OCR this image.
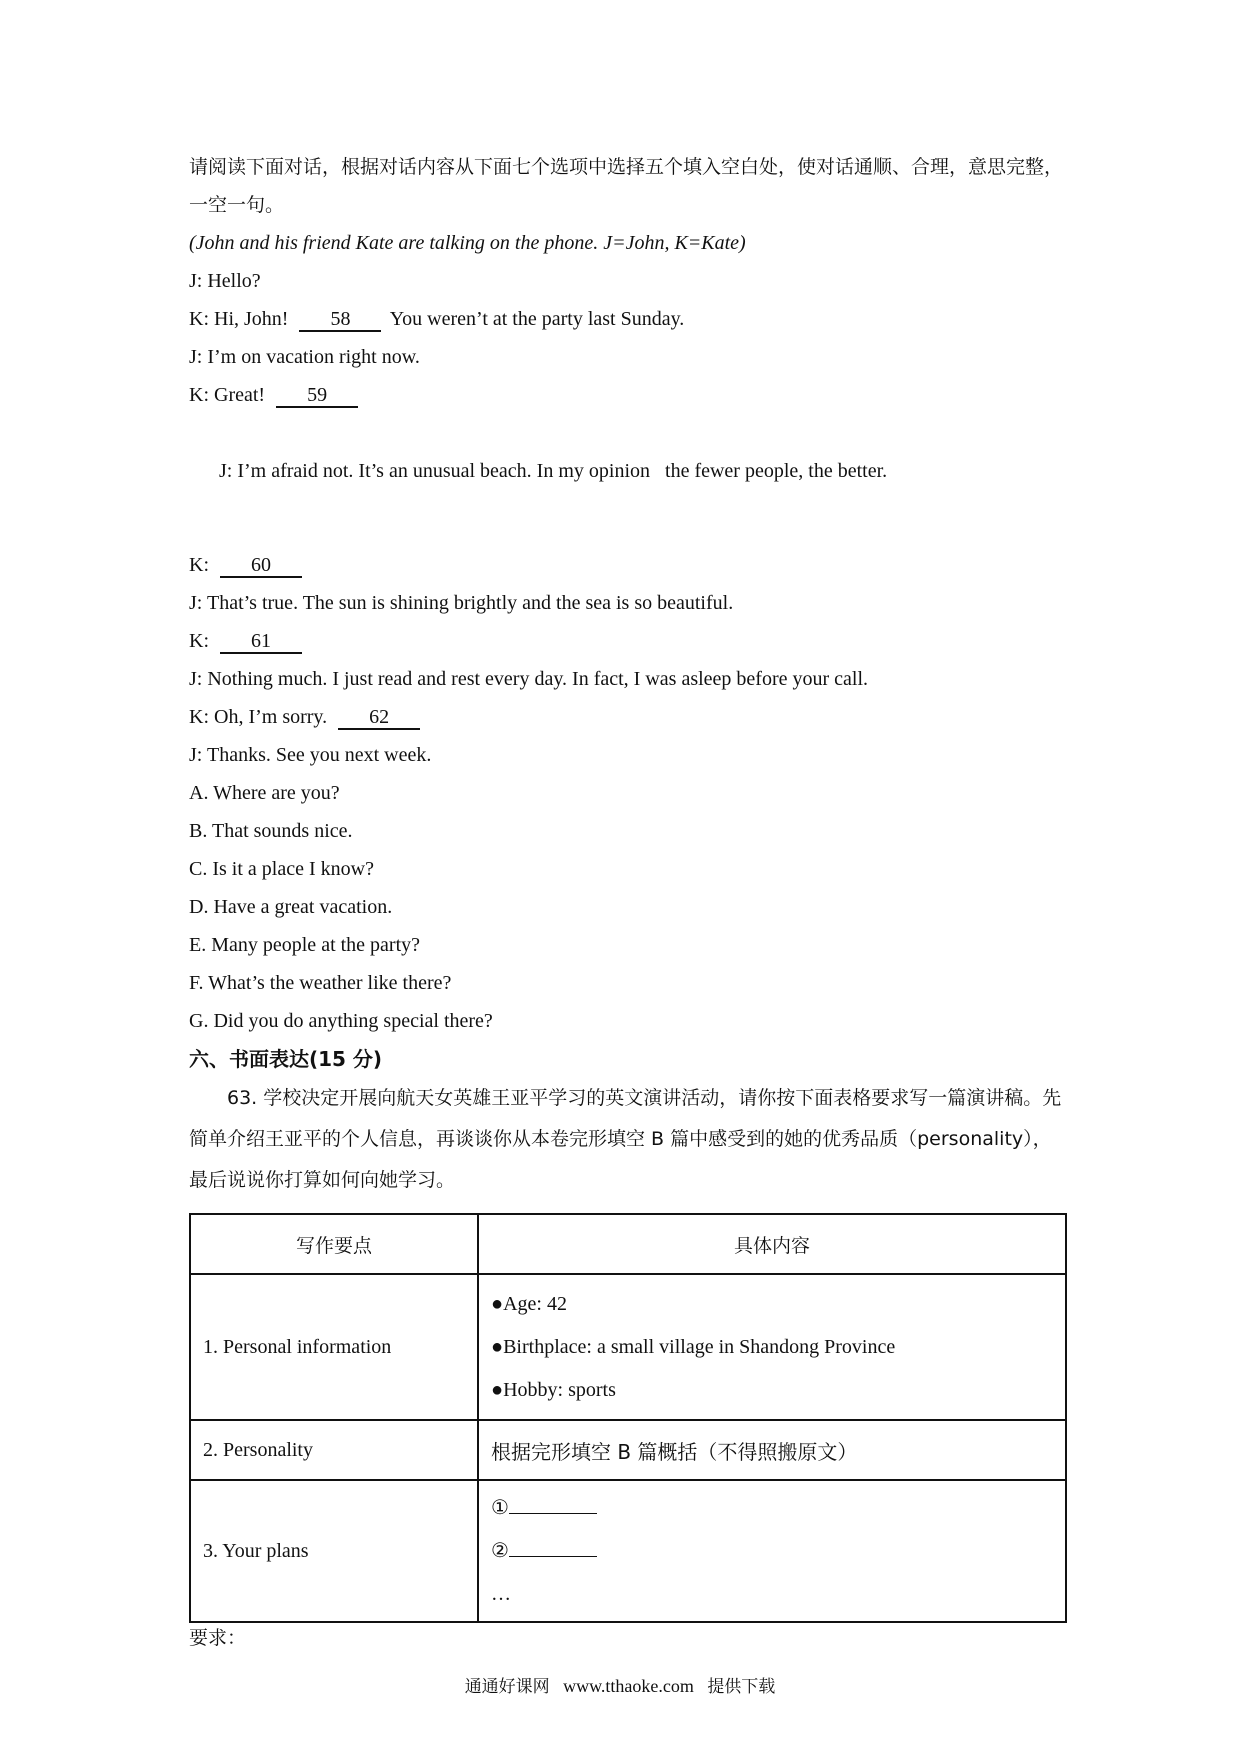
请阅读下面对话，根据对话内容从下面七个选项中选择五个填入空白处，使对话通顺、合理，意思完整，一空一句。

(John and his friend Kate are talking on the phone. J=John, K=Kate)

J: Hello?

K: Hi, John! 58 You weren’t at the party last Sunday.

J: I’m on vacation right now.

K: Great! 59

J: I’m afraid not. It’s an unusual beach. In my opinion   the fewer people, the better.

K: 60

J: That’s true. The sun is shining brightly and the sea is so beautiful.

K: 61

J: Nothing much. I just read and rest every day. In fact, I was asleep before your call.

K: Oh, I’m sorry. 62

J: Thanks. See you next week.

A. Where are you?

B. That sounds nice.

C. Is it a place I know?

D. Have a great vacation.

E. Many people at the party?

F. What’s the weather like there?

G. Did you do anything special there?

六、书面表达(15 分)

63. 学校决定开展向航天女英雄王亚平学习的英文演讲活动，请你按下面表格要求写一篇演讲稿。先简单介绍王亚平的个人信息，再谈谈你从本卷完形填空 B 篇中感受到的她的优秀品质（personality），最后说说你打算如何向她学习。

写作要点	具体内容
1. Personal information	●Age: 42
●Birthplace: a small village in Shandong Province
●Hobby: sports

2. Personality	根据完形填空 B 篇概括（不得照搬原文）
3. Your plans	①
②
…

要求：

通通好课网 www.tthaoke.com 提供下载
